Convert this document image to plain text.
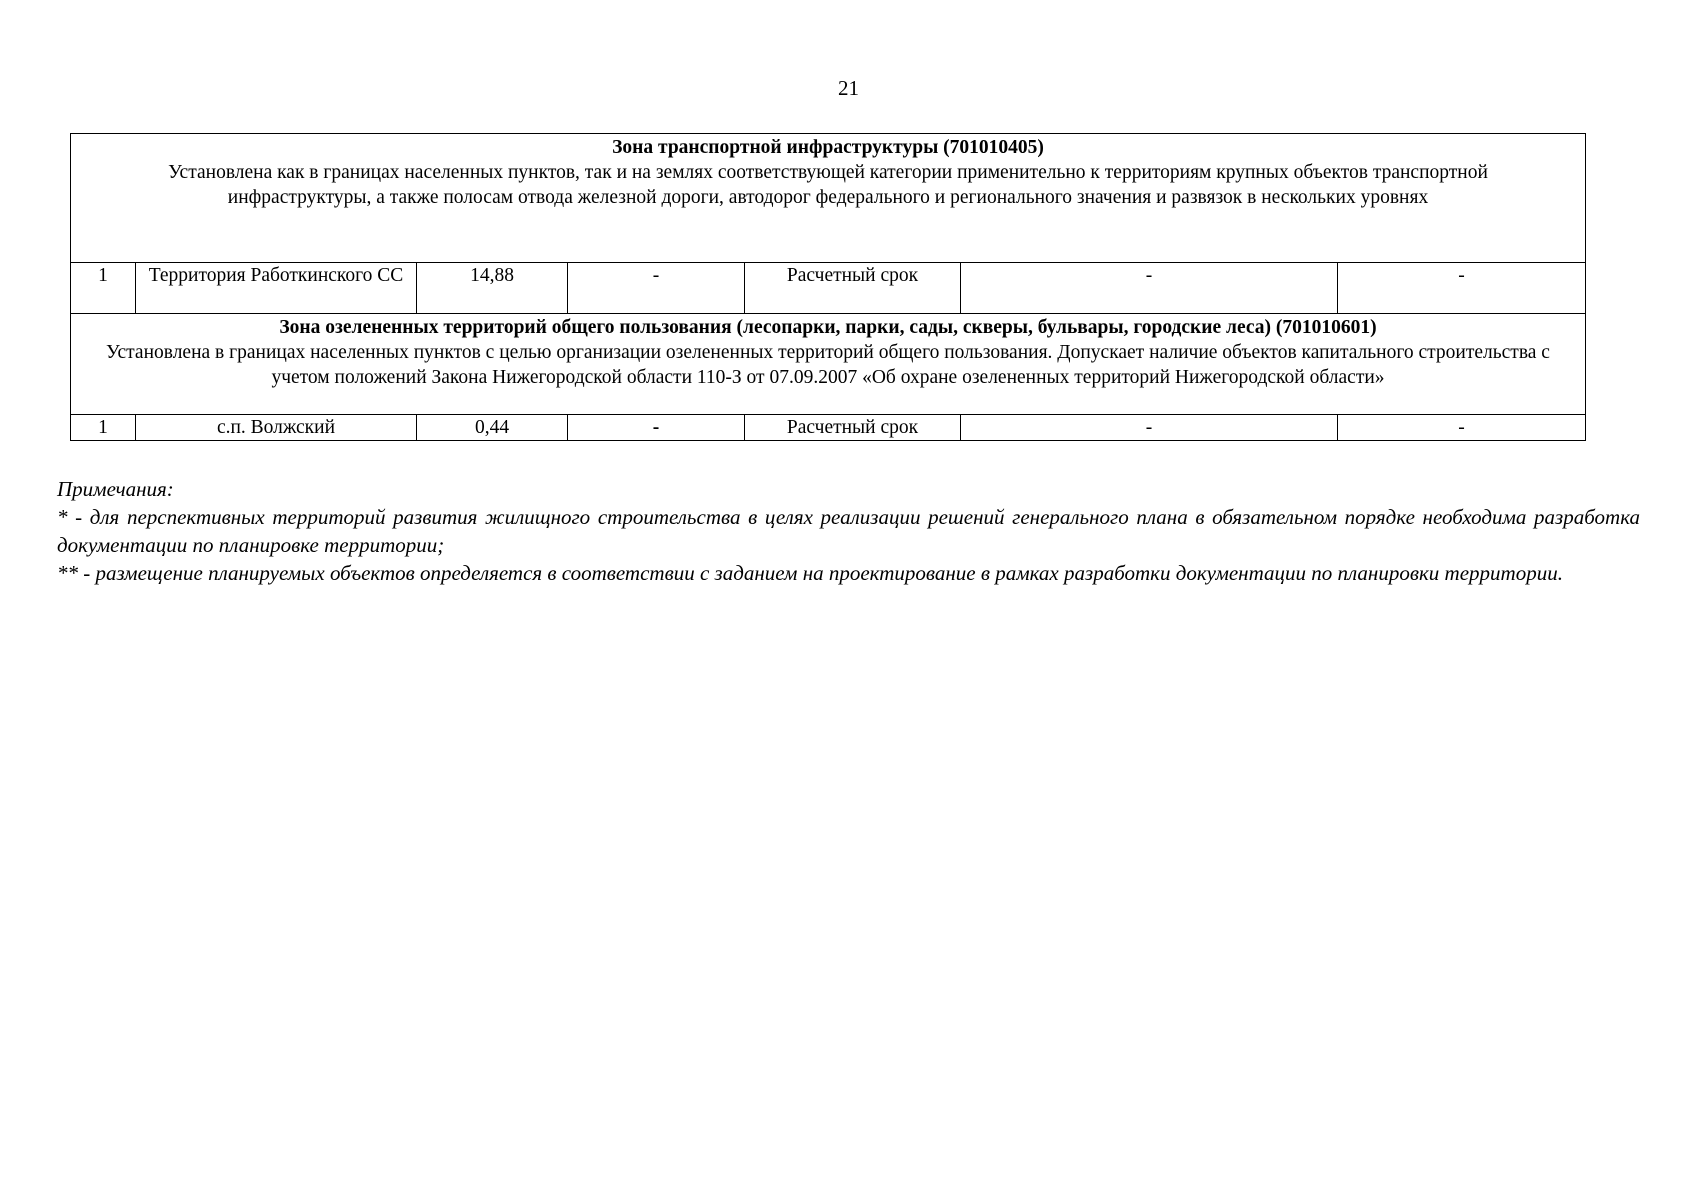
21
Зона транспортной инфраструктуры (701010405)
Установлена как в границах населенных пунктов, так и на землях соответствующей категории применительно к территориям крупных объектов транспортной инфраструктуры, а также полосам отвода железной дороги, автодорог федерального и регионального значения и развязок в нескольких уровнях						

1	Территория Работкинского СС	14,88	-	Расчетный срок	-	-

Зона озелененных территорий общего пользования (лесопарки, парки, сады, скверы, бульвары, городские леса) (701010601)
Установлена в границах населенных пунктов с целью организации озелененных территорий общего пользования. Допускает наличие объектов капитального строительства с учетом положений Закона Нижегородской области 110-З от 07.09.2007 «Об охране озелененных территорий Нижегородской области»						

1	с.п. Волжский	0,44	-	Расчетный срок	-	-

Примечания:

* - для перспективных территорий развития жилищного строительства в целях реализации решений генерального плана в обязательном порядке необходима разработка документации по планировке территории;

** - размещение планируемых объектов определяется в соответствии с заданием на проектирование в рамках разработки документации по планировки территории.
